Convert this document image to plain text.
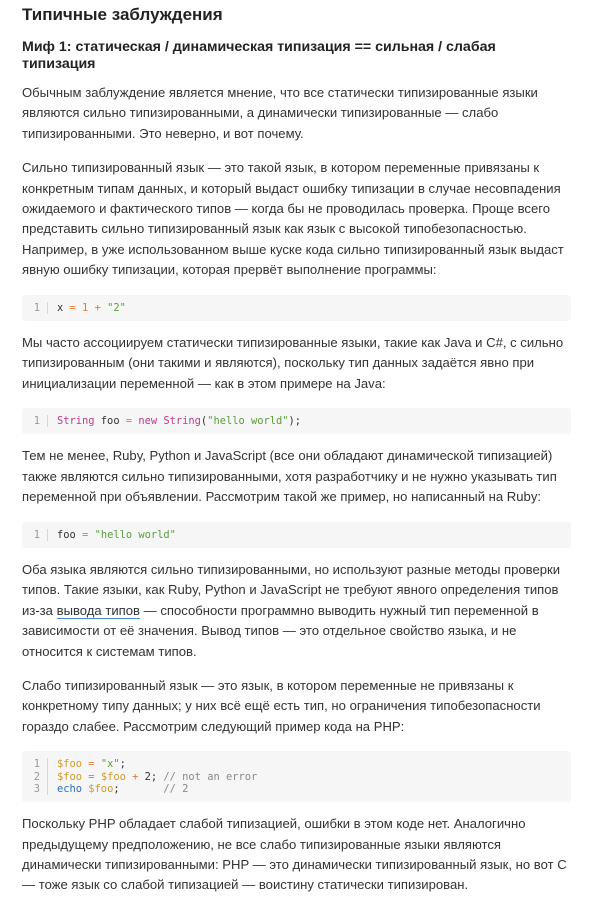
Типичные заблуждения
Миф 1: статическая / динамическая типизация == сильная / слабая типизация

Обычным заблуждение является мнение, что все статически типизированные языки являются сильно типизированными, а динамически типизированные — слабо типизированными. Это неверно, и вот почему.

Сильно типизированный язык — это такой язык, в котором переменные привязаны к конкретным типам данных, и который выдаст ошибку типизации в случае несовпадения ожидаемого и фактического типов — когда бы не проводилась проверка. Проще всего представить сильно типизированный язык как язык с высокой типобезопасностью. Например, в уже использованном выше куске кода сильно типизированный язык выдаст явную ошибку типизации, которая прервёт выполнение программы:

1	x = 1 + "2"

Мы часто ассоциируем статически типизированные языки, такие как Java и C#, с сильно типизированным (они такими и являются), поскольку тип данных задаётся явно при инициализации переменной — как в этом примере на Java:

1	String foo = new String("hello world");

Тем не менее, Ruby, Python и JavaScript (все они обладают динамической типизацией) также являются сильно типизированными, хотя разработчику и не нужно указывать тип переменной при объявлении. Рассмотрим такой же пример, но написанный на Ruby:

1	foo = "hello world"

Оба языка являются сильно типизированными, но используют разные методы проверки типов. Такие языки, как Ruby, Python и JavaScript не требуют явного определения типов из-за вывода типов — способности программно выводить нужный тип переменной в зависимости от её значения. Вывод типов — это отдельное свойство языка, и не относится к системам типов.

Слабо типизированный язык — это язык, в котором переменные не привязаны к конкретному типу данных; у них всё ещё есть тип, но ограничения типобезопасности гораздо слабее. Рассмотрим следующий пример кода на PHP:

1	$foo = "x";
2	$foo = $foo + 2; // not an error
3	echo $foo;       // 2

Поскольку PHP обладает слабой типизацией, ошибки в этом коде нет. Аналогично предыдущему предположению, не все слабо типизированные языки являются динамически типизированными: PHP — это динамически типизированный язык, но вот C — тоже язык со слабой типизацией — воистину статически типизирован.
